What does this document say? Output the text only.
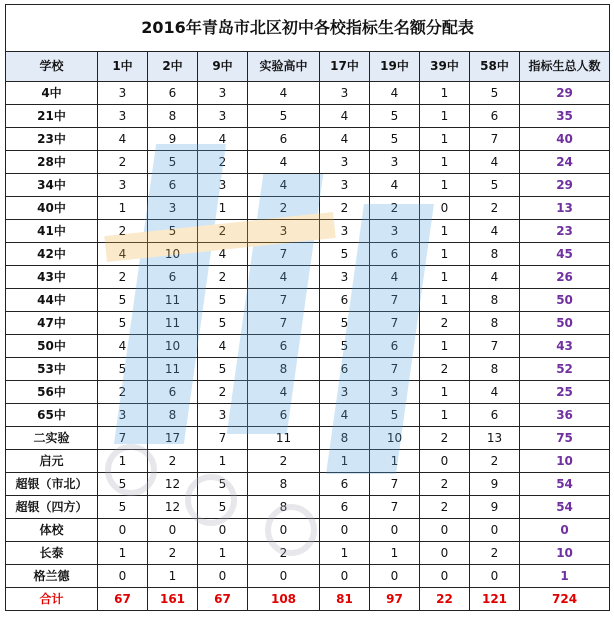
2016年青岛市北区初中各校指标生名额分配表									
学校	1中	2中	9中	实验高中	17中	19中	39中	58中	指标生总人数
4中	3	6	3	4	3	4	1	5	29
21中	3	8	3	5	4	5	1	6	35
23中	4	9	4	6	4	5	1	7	40
28中	2	5	2	4	3	3	1	4	24
34中	3	6	3	4	3	4	1	5	29
40中	1	3	1	2	2	2	0	2	13
41中	2	5	2	3	3	3	1	4	23
42中	4	10	4	7	5	6	1	8	45
43中	2	6	2	4	3	4	1	4	26
44中	5	11	5	7	6	7	1	8	50
47中	5	11	5	7	5	7	2	8	50
50中	4	10	4	6	5	6	1	7	43
53中	5	11	5	8	6	7	2	8	52
56中	2	6	2	4	3	3	1	4	25
65中	3	8	3	6	4	5	1	6	36
二实验	7	17	7	11	8	10	2	13	75
启元	1	2	1	2	1	1	0	2	10
超银（市北）	5	12	5	8	6	7	2	9	54
超银（四方）	5	12	5	8	6	7	2	9	54
体校	0	0	0	0	0	0	0	0	0
长泰	1	2	1	2	1	1	0	2	10
格兰德	0	1	0	0	0	0	0	0	1
合计	67	161	67	108	81	97	22	121	724
